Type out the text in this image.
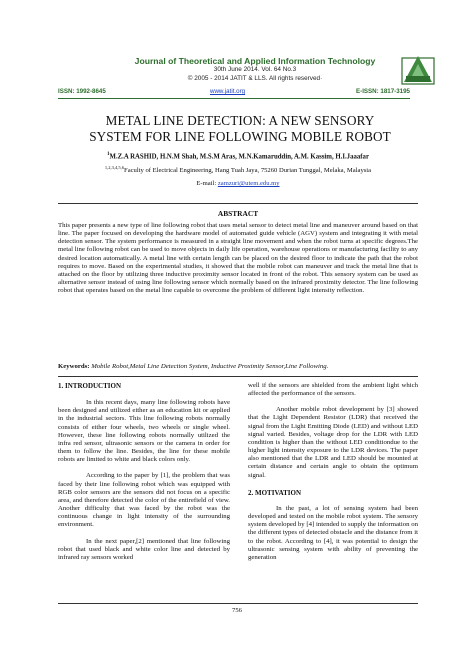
Journal of Theoretical and Applied Information Technology
30th June 2014. Vol. 64 No.3
© 2005 - 2014 JATIT & LLS. All rights reserved·
ISSN: 1992-8645	www.jatit.org	E-ISSN: 1817-3195
METAL LINE DETECTION: A NEW SENSORY
SYSTEM FOR LINE FOLLOWING MOBILE ROBOT
$^1$M.Z.A RASHID, H.N.M Shah, M.S.M Aras, M.N.Kamaruddin, A.M. Kassim, H.I.Jaaafar
$^{1,2,3,4,5,6}$Faculty of Electrical Engineering, Hang Tuah Jaya, 75260 Durian Tunggal, Melaka, Malaysia
E-mail: zamzuri@utem.edu.my
ABSTRACT
This paper presents a new type of line following robot that uses metal sensor to detect metal line and maneuver around based on that line. The paper focused on developing the hardware model of automated guide vehicle (AGV) system and integrating it with metal detection sensor. The system performance is measured in a straight line movement and when the robot turns at specific degrees.The metal line following robot can be used to move objects in daily life operation, warehouse operations or manufacturing facility to any desired location automatically. A metal line with certain length can be placed on the desired floor to indicate the path that the robot requires to move. Based on the experimental studies, it showed that the mobile robot can maneuver and track the metal line that is attached on the floor by utilizing three inductive proximity sensor located in front of the robot. This sensory system can be used as alternative sensor instead of using line following sensor which normally based on the infrared proximity detector. The line following robot that operates based on the metal line capable to overcome the problem of different light intensity reflection.
Keywords: Mobile Robot,Metal Line Detection System, Inductive Proximity Sensor,Line Following.
1. INTRODUCTION

In this recent days, many line following robots have been designed and utilized either as an education kit or applied in the industrial sectors. This line following robots normally consists of either four wheels, two wheels or single wheel. However, these line following robots normally utilized the infra red sensor, ultrasonic sensors or the camera in order for them to follow the line. Besides, the line for these mobile robots are limited to white and black colors only.

According to the paper by [1], the problem that was faced by their line following robot which was equipped with RGB color sensors are the sensors did not focus on a specific area, and therefore detected the color of the entirefield of view. Another difficulty that was faced by the robot was the continuous change in light intensity of the surrounding environment.

In the next paper,[2] mentioned that line following robot that used black and white color line and detected by infrared ray sensors worked

well if the sensors are shielded from the ambient light which affected the performance of the sensors.

Another mobile robot development by [3] showed that the Light Dependent Resistor (LDR) that received the signal from the Light Emitting Diode (LED) and without LED signal varied. Besides, voltage drop for the LDR with LED condition is higher than the without LED conditiondue to the higher light intensity exposure to the LDR devices. The paper also mentioned that the LDR and LED should be mounted at certain distance and certain angle to obtain the optimum signal.

2. MOTIVATION

In the past, a lot of sensing system had been developed and tested on the mobile robot system. The sensory system developed by [4] intended to supply the information on the different types of detected obstacle and the distance from it to the robot. According to [4], it was potential to design the ultrasonic sensing system with ability of preventing the generation

756
